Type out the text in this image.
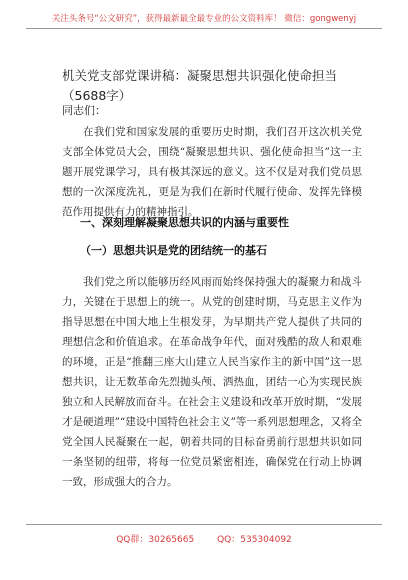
关注头条号“公文研究”，获得最新最全最专业的公文资料库！ 微信：gongwenyj
机关党支部党课讲稿：凝聚思想共识强化使命担当（5688字）
同志们：

在我们党和国家发展的重要历史时期，我们召开这次机关党支部全体党员大会，围绕“凝聚思想共识、强化使命担当”这一主题开展党课学习，具有极其深远的意义。这不仅是对我们党员思想的一次深度洗礼，更是为我们在新时代履行使命、发挥先锋模范作用提供有力的精神指引。

一、深刻理解凝聚思想共识的内涵与重要性
（一）思想共识是党的团结统一的基石

我们党之所以能够历经风雨而始终保持强大的凝聚力和战斗力，关键在于思想上的统一。从党的创建时期，马克思主义作为指导思想在中国大地上生根发芽，为早期共产党人提供了共同的理想信念和价值追求。在革命战争年代，面对残酷的敌人和艰难的环境，正是“推翻三座大山建立人民当家作主的新中国”这一思想共识，让无数革命先烈抛头颅、洒热血，团结一心为实现民族独立和人民解放而奋斗。在社会主义建设和改革开放时期，“发展才是硬道理”“建设中国特色社会主义”等一系列思想理念，又将全党全国人民凝聚在一起，朝着共同的目标奋勇前行思想共识如同一条坚韧的纽带，将每一位党员紧密相连，确保党在行动上协调一致，形成强大的合力。

QQ群：30265665	QQ：535304092
